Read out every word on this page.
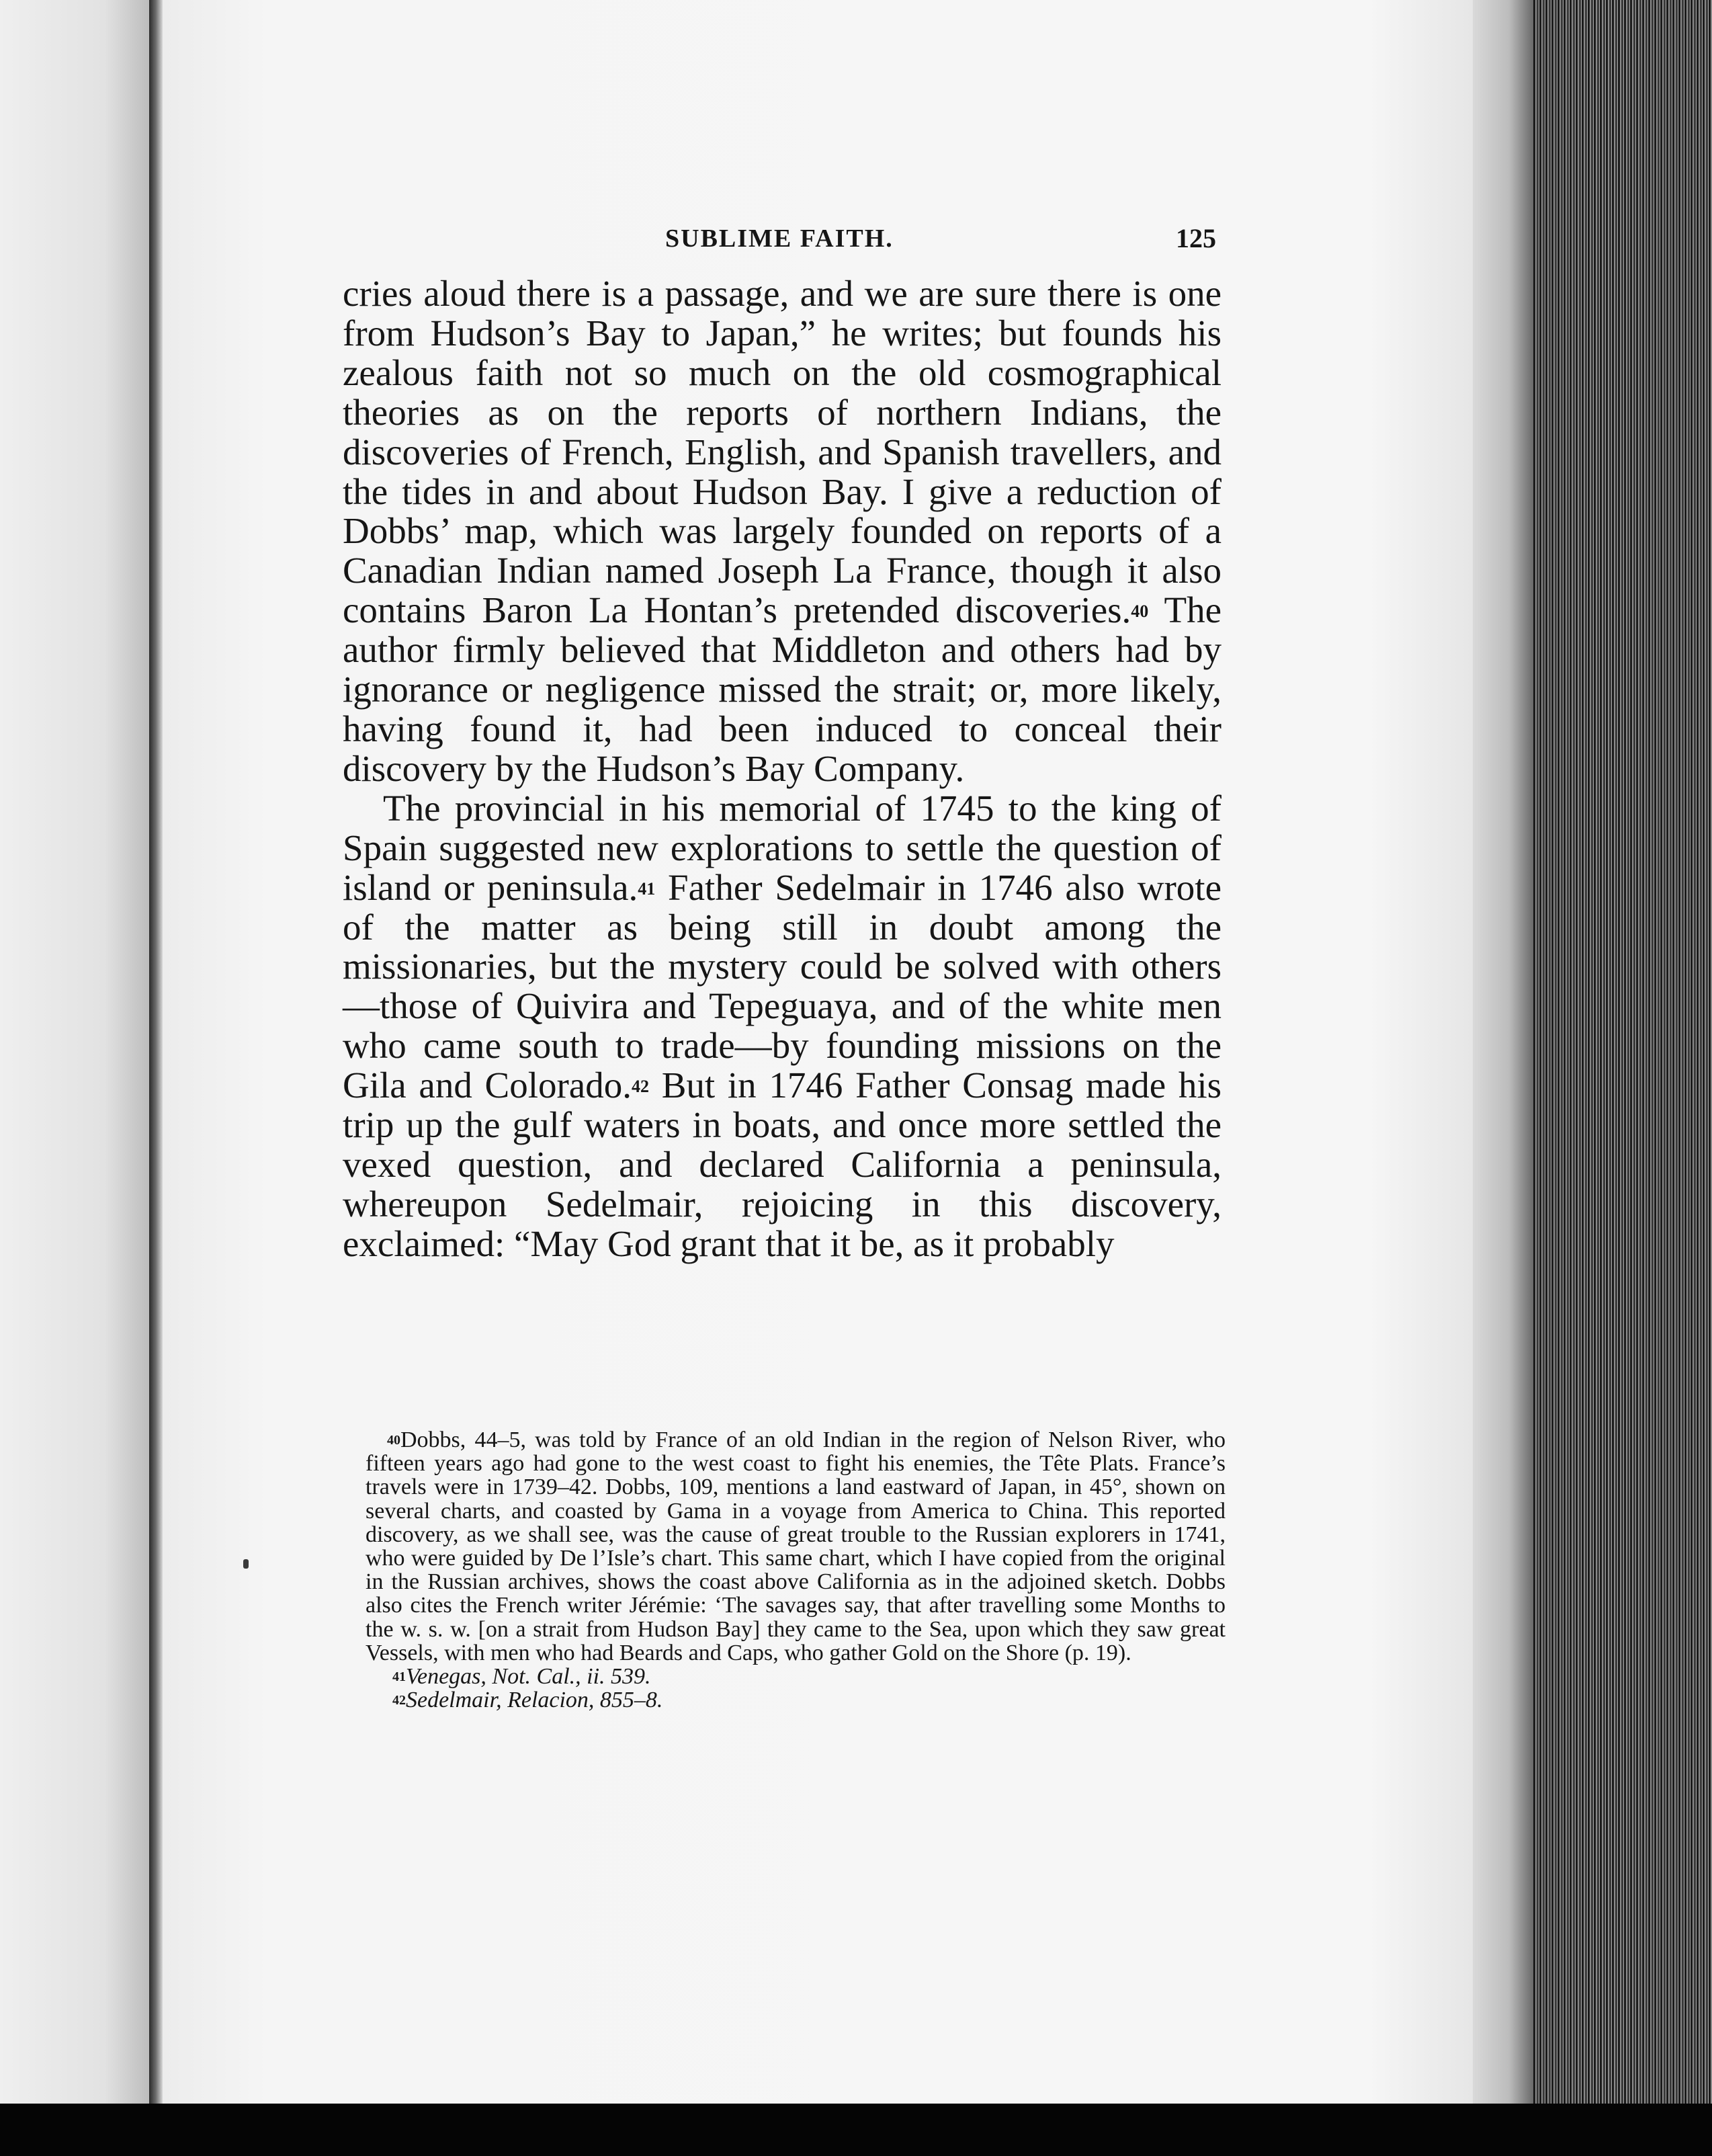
SUBLIME FAITH.	125

cries aloud there is a passage, and we are sure there is one from Hudson’s Bay to Japan,” he writes; but founds his zealous faith not so much on the old cosmographical theories as on the reports of northern Indians, the discoveries of French, English, and Spanish travellers, and the tides in and about Hudson Bay. I give a reduction of Dobbs’ map, which was largely founded on reports of a Canadian Indian named Joseph La France, though it also contains Baron La Hontan’s pretended discoveries.$^{40}$ The author firmly believed that Middleton and others had by ignorance or negligence missed the strait; or, more likely, having found it, had been induced to conceal their discovery by the Hudson’s Bay Company.

The provincial in his memorial of 1745 to the king of Spain suggested new explorations to settle the question of island or peninsula.$^{41}$ Father Sedelmair in 1746 also wrote of the matter as being still in doubt among the missionaries, but the mystery could be solved with others—those of Quivira and Tepeguaya, and of the white men who came south to trade—by founding missions on the Gila and Colorado.$^{42}$ But in 1746 Father Consag made his trip up the gulf waters in boats, and once more settled the vexed question, and declared California a peninsula, whereupon Sedelmair, rejoicing in this discovery, exclaimed: “May God grant that it be, as it probably

$^{40}$Dobbs, 44–5, was told by France of an old Indian in the region of Nelson River, who fifteen years ago had gone to the west coast to fight his enemies, the Tête Plats. France’s travels were in 1739–42. Dobbs, 109, mentions a land eastward of Japan, in 45°, shown on several charts, and coasted by Gama in a voyage from America to China. This reported discovery, as we shall see, was the cause of great trouble to the Russian explorers in 1741, who were guided by De l’Isle’s chart. This same chart, which I have copied from the original in the Russian archives, shows the coast above California as in the adjoined sketch. Dobbs also cites the French writer Jérémie: ‘The savages say, that after travelling some Months to the w. s. w. [on a strait from Hudson Bay] they came to the Sea, upon which they saw great Vessels, with men who had Beards and Caps, who gather Gold on the Shore (p. 19).

$^{41}$Venegas, Not. Cal., ii. 539.

$^{42}$Sedelmair, Relacion, 855–8.
